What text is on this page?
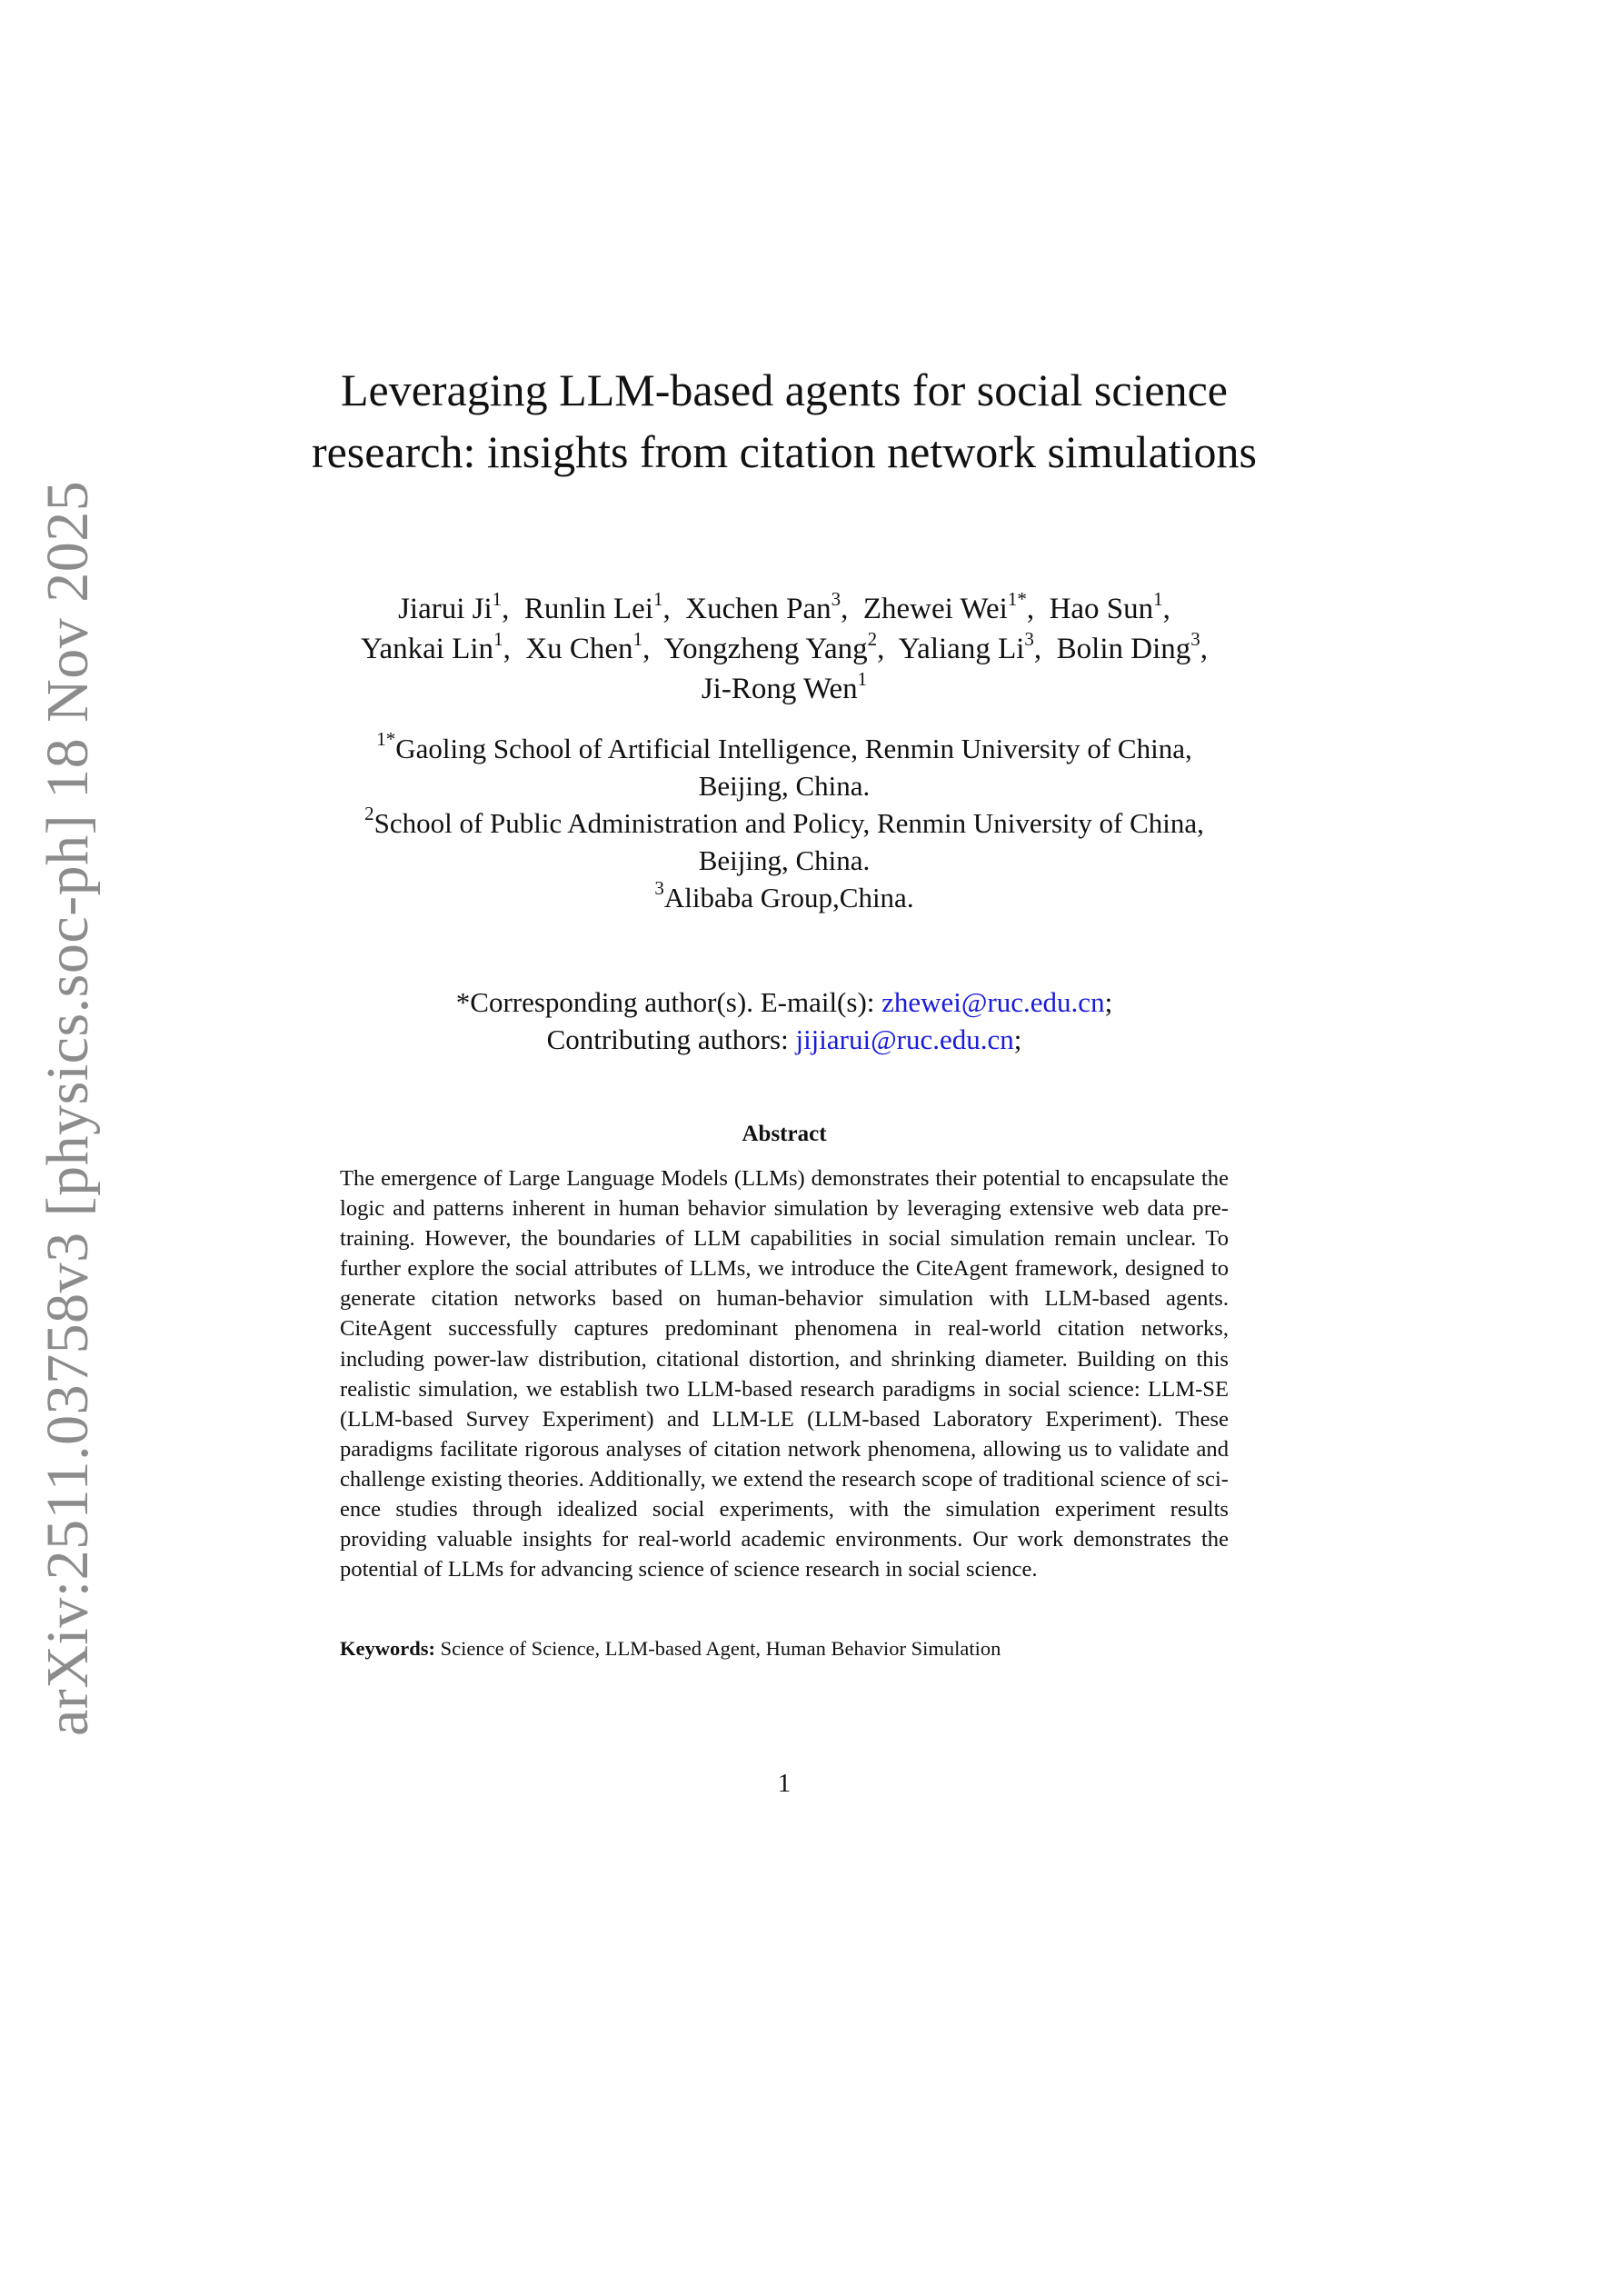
arXiv:2511.03758v3 [physics.soc-ph] 18 Nov 2025
Leveraging LLM-based agents for social science research: insights from citation network simulations
Jiarui Ji$^1$, Runlin Lei$^1$, Xuchen Pan$^3$, Zhewei Wei$^{1*}$, Hao Sun$^1$,
Yankai Lin$^1$, Xu Chen$^1$, Yongzheng Yang$^2$, Yaliang Li$^3$, Bolin Ding$^3$,
Ji-Rong Wen$^1$
$^{1*}$Gaoling School of Artificial Intelligence, Renmin University of China,
Beijing, China.
$^2$School of Public Administration and Policy, Renmin University of China,
Beijing, China.
$^3$Alibaba Group,China.
*Corresponding author(s). E-mail(s): zhewei@ruc.edu.cn;
Contributing authors: jijiarui@ruc.edu.cn;
Abstract

The emergence of Large Language Models (LLMs) demonstrates their potential to encapsulate the logic and patterns inherent in human behavior simulation by leveraging extensive web data pre-training. However, the boundaries of LLM capabilities in social simulation remain unclear. To further explore the social attributes of LLMs, we introduce the CiteAgent framework, designed to generate citation networks based on human-behavior simulation with LLM-based agents. CiteAgent successfully captures predominant phenomena in real-world citation networks, including power-law distribution, citational distortion, and shrinking diameter. Building on this realistic simulation, we establish two LLM-based research paradigms in social science: LLM-SE (LLM-based Survey Experiment) and LLM-LE (LLM-based Laboratory Experiment). These paradigms facilitate rigorous analyses of citation network phenomena, allowing us to validate and challenge existing theories. Additionally, we extend the research scope of traditional science of science studies through idealized social experiments, with the simulation experiment results providing valuable insights for real-world academic environments. Our work demonstrates the potential of LLMs for advancing science of science research in social science.

Keywords: Science of Science, LLM-based Agent, Human Behavior Simulation
1
